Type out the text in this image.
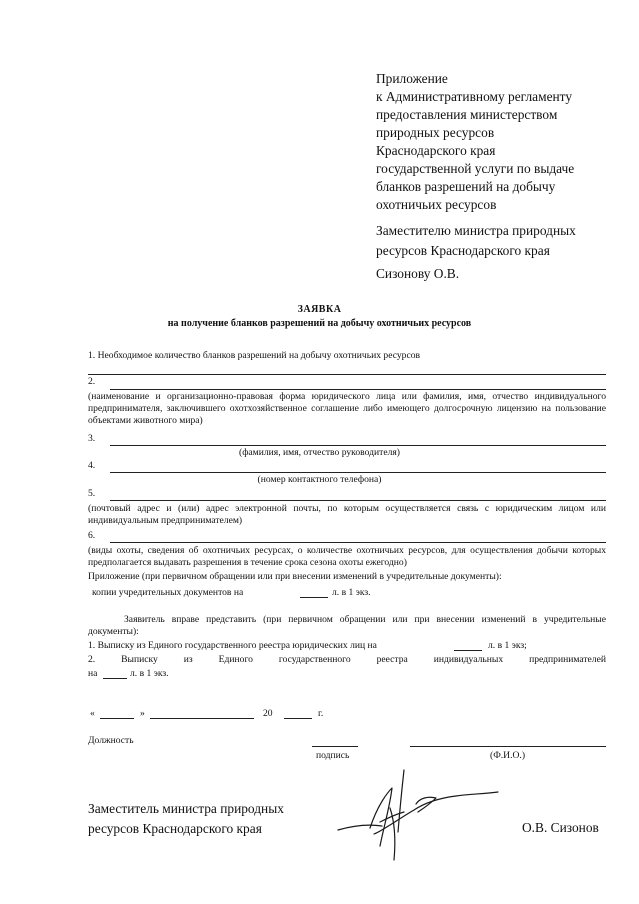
Приложение
к Административному регламенту
предоставления министерством
природных ресурсов
Краснодарского края
государственной услуги по выдаче
бланков разрешений на добычу
охотничьих ресурсов
Заместителю министра природных
ресурсов Краснодарского края
Сизонову О.В.
ЗАЯВКА
на получение бланков разрешений на добычу охотничьих ресурсов
1. Необходимое количество бланков разрешений на добычу охотничьих ресурсов
2.
(наименование и организационно-правовая форма юридического лица или фамилия, имя, отчество индивидуального предпринимателя, заключившего охотхозяйственное соглашение либо имеющего долгосрочную лицензию на пользование объектами животного мира)
3.
(фамилия, имя, отчество руководителя)
4.
(номер контактного телефона)
5.
(почтовый адрес и (или) адрес электронной почты, по которым осуществляется связь с юридическим лицом или индивидуальным предпринимателем)
6.
(виды охоты, сведения об охотничьих ресурсах, о количестве охотничьих ресурсов, для осуществления добычи которых предполагается выдавать разрешения в течение срока сезона охоты ежегодно)
Приложение (при первичном обращении или при внесении изменений в учредительные документы):
копии учредительных документов на	л. в 1 экз.
Заявитель вправе представить (при первичном обращении или при внесении изменений в учредительные документы):
1. Выписку из Единого государственного реестра юридических лиц на	л. в 1 экз;
2. Выписку из Единого государственного реестра индивидуальных предпринимателей
на	л. в 1 экз.
«	»	20	г.
Должность
подпись	(Ф.И.О.)
Заместитель министра природных
ресурсов Краснодарского края	О.В. Сизонов
